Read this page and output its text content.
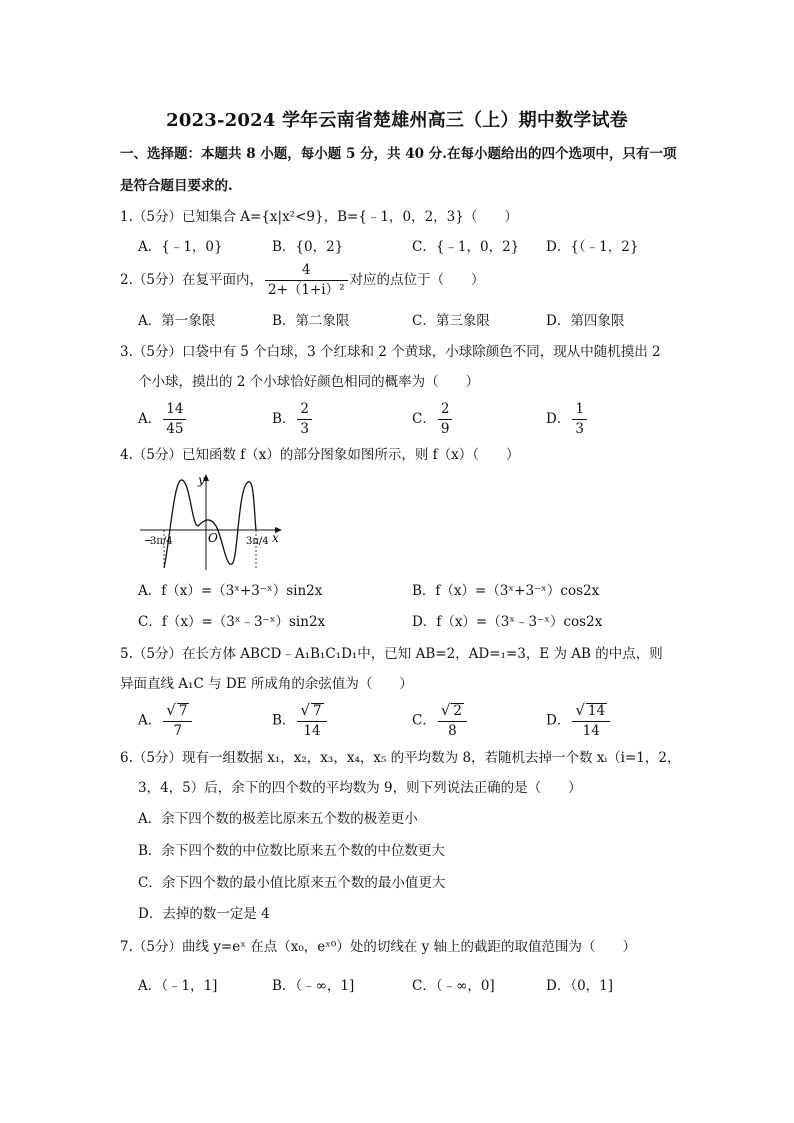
2023-2024 学年云南省楚雄州高三（上）期中数学试卷
一、选择题：本题共 8 小题，每小题 5 分，共 40 分.在每小题给出的四个选项中，只有一项
是符合题目要求的.
1.（5分）已知集合 A={x|x²<9}，B={﹣1，0，2，3}（　　）
A．{﹣1，0}	B．{0，2}	C．{﹣1，0，2} D．{（﹣1，2}
2.（5分）在复平面内， $\frac{4}{\text{2+（1+i）²}}$ 对应的点位于（　　）
A．第一象限	B．第二象限	C．第三象限	D．第四象限
3.（5分）口袋中有 5 个白球，3 个红球和 2 个黄球，小球除颜色不同，现从中随机摸出 2
个小球，摸出的 2 个小球恰好颜色相同的概率为（　　）
A． $\frac{14}{45}$	B． $\frac{2}{3}$	C． $\frac{2}{9}$	D． $\frac{1}{3}$
4.（5分）已知函数 f（x）的部分图象如图所示，则 f（x）（　　）
y
x
O
−
3π/4	3π/4
A．f（x）=（3ˣ+3⁻ˣ）sin2x	B．f（x）=（3ˣ+3⁻ˣ）cos2x
C．f（x）=（3ˣ﹣3⁻ˣ）sin2x	D．f（x）=（3ˣ﹣3⁻ˣ）cos2x
5.（5分）在长方体 ABCD﹣A₁B₁C₁D₁中，已知 AB=2，AD=₁=3，E 为 AB 的中点，则
异面直线 A₁C 与 DE 所成角的余弦值为（　　）
A． $\frac{√ 7}{7}$	B． $\frac{√ 7}{14}$	C． $\frac{√ 2}{8}$	D． $\frac{√ 14}{14}$
6.（5分）现有一组数据 x₁，x₂，x₃，x₄，x₅ 的平均数为 8，若随机去掉一个数 xᵢ（i=1，2，
3，4，5）后，余下的四个数的平均数为 9，则下列说法正确的是（　　）
A．余下四个数的极差比原来五个数的极差更小
B．余下四个数的中位数比原来五个数的中位数更大
C．余下四个数的最小值比原来五个数的最小值更大
D．去掉的数一定是 4
7.（5分）曲线 y=eˣ 在点（x₀，eˣ⁰）处的切线在 y 轴上的截距的取值范围为（　　）
A．（﹣1，1]	B．（﹣∞，1]	C．（﹣∞，0]	D．（0，1]
